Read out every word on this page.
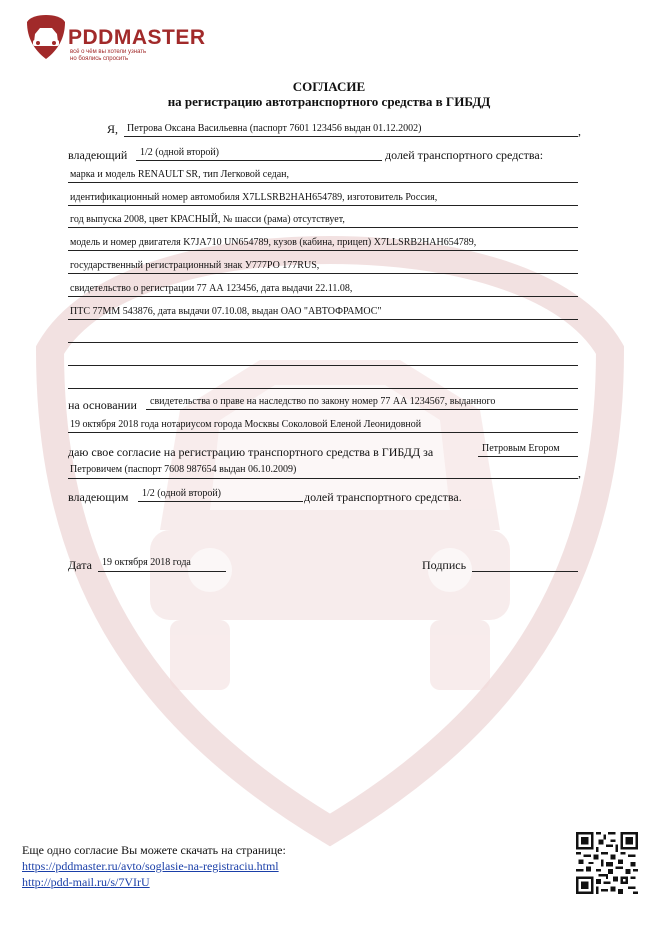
PDDMASTER
всё о чём вы хотели узнать
но боялись спросить
СОГЛАСИЕ
на регистрацию автотранспортного средства в ГИБДД
Я, Петрова Оксана Васильевна (паспорт 7601 123456 выдан 01.12.2002)	,
владеющий 1/2 (одной второй)	долей транспортного средства:
марка и модель RENAULT SR, тип Легковой седан,
идентификационный номер автомобиля X7LLSRB2HAH654789, изготовитель Россия,
год выпуска 2008, цвет КРАСНЫЙ, № шасси (рама) отсутствует,
модель и номер двигателя K7JA710 UN654789, кузов (кабина, прицеп) X7LLSRB2HAH654789,
государственный регистрационный знак У777РО 177RUS,
свидетельство о регистрации 77 АА 123456, дата выдачи 22.11.08,
ПТС 77ММ 543876, дата выдачи 07.10.08, выдан ОАО "АВТОФРАМОС"
на основании свидетельства о праве на наследство по закону номер 77 АА 1234567, выданного
19 октября 2018 года нотариусом города Москвы Соколовой Еленой Леонидовной
даю свое согласие на регистрацию транспортного средства в ГИБДД за	Петровым Егором
Петровичем (паспорт 7608 987654 выдан 06.10.2009)	,
владеющим 1/2 (одной второй)	долей транспортного средства.
Дата 19 октября 2018 года	Подпись
Еще одно согласие Вы можете скачать на странице:
https://pddmaster.ru/avto/soglasie-na-registraciu.html
http://pdd-mail.ru/s/7VIrU
